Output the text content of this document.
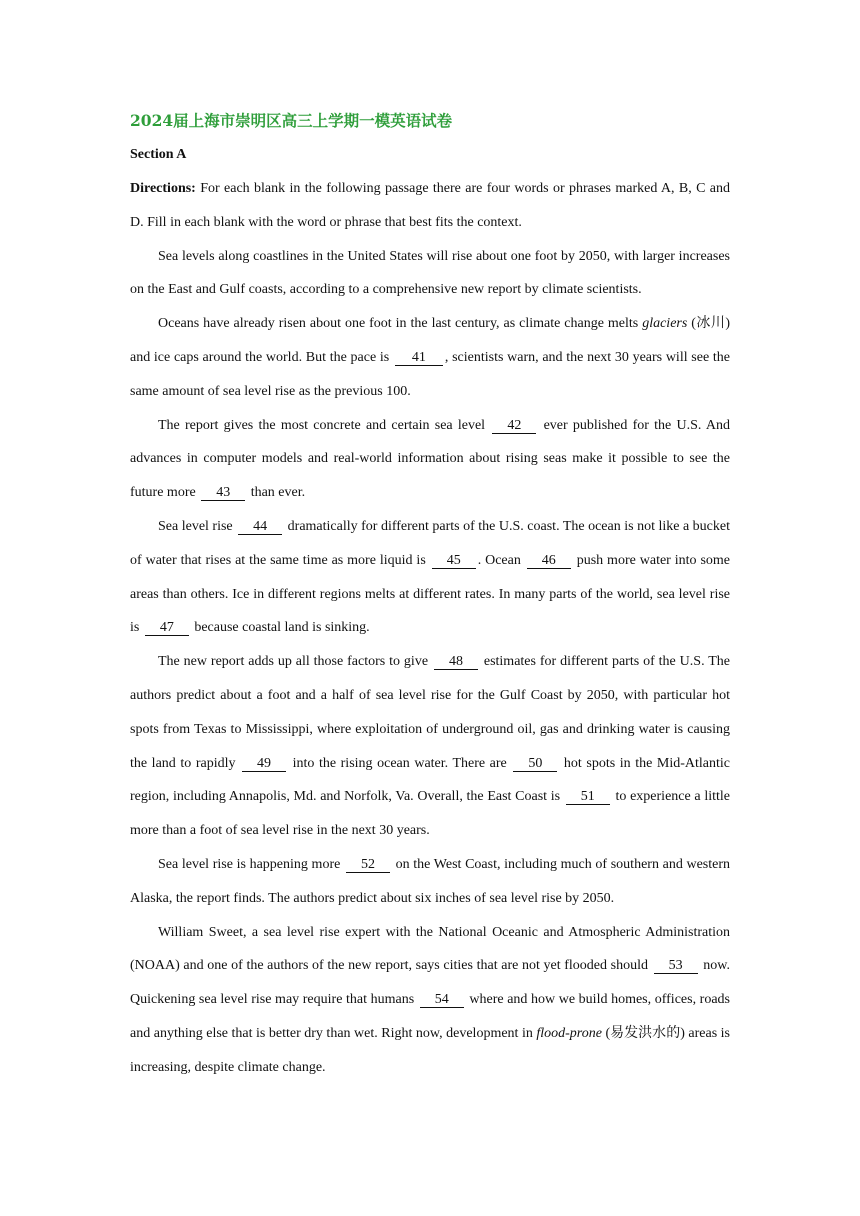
2024届上海市崇明区高三上学期一模英语试卷
Section A

Directions: For each blank in the following passage there are four words or phrases marked A, B, C and D. Fill in each blank with the word or phrase that best fits the context.

Sea levels along coastlines in the United States will rise about one foot by 2050, with larger increases on the East and Gulf coasts, according to a comprehensive new report by climate scientists.

Oceans have already risen about one foot in the last century, as climate change melts glaciers (冰川) and ice caps around the world. But the pace is 41 , scientists warn, and the next 30 years will see the same amount of sea level rise as the previous 100.

The report gives the most concrete and certain sea level 42 ever published for the U.S. And advances in computer models and real-world information about rising seas make it possible to see the future more 43 than ever.

Sea level rise 44 dramatically for different parts of the U.S. coast. The ocean is not like a bucket of water that rises at the same time as more liquid is 45 . Ocean 46 push more water into some areas than others. Ice in different regions melts at different rates. In many parts of the world, sea level rise is 47 because coastal land is sinking.

The new report adds up all those factors to give 48 estimates for different parts of the U.S. The authors predict about a foot and a half of sea level rise for the Gulf Coast by 2050, with particular hot spots from Texas to Mississippi, where exploitation of underground oil, gas and drinking water is causing the land to rapidly 49 into the rising ocean water. There are 50 hot spots in the Mid-Atlantic region, including Annapolis, Md. and Norfolk, Va. Overall, the East Coast is 51 to experience a little more than a foot of sea level rise in the next 30 years.

Sea level rise is happening more 52 on the West Coast, including much of southern and western Alaska, the report finds. The authors predict about six inches of sea level rise by 2050.

William Sweet, a sea level rise expert with the National Oceanic and Atmospheric Administration (NOAA) and one of the authors of the new report, says cities that are not yet flooded should 53 now. Quickening sea level rise may require that humans 54 where and how we build homes, offices, roads and anything else that is better dry than wet. Right now, development in flood-prone (易发洪水的) areas is increasing, despite climate change.
